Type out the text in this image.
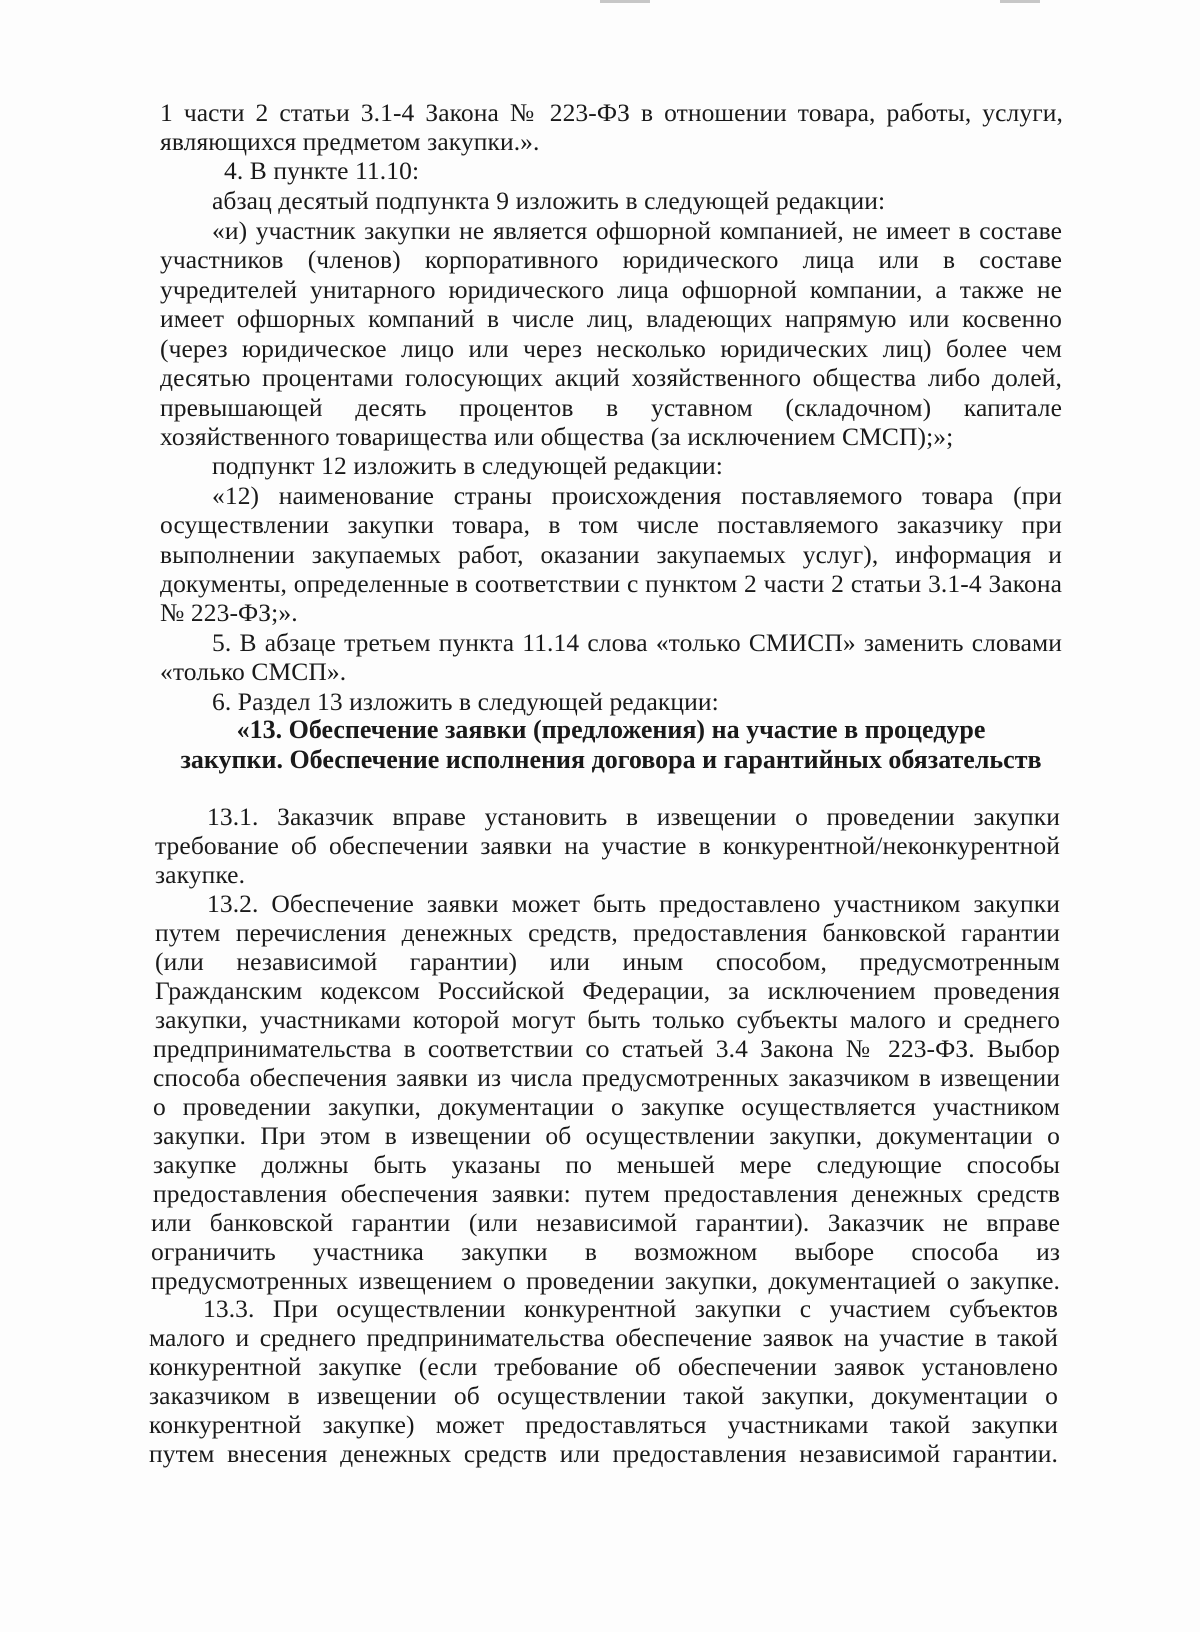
1 части 2 статьи 3.1-4 Закона № 223-ФЗ в отношении товара, работы, услуги,
являющихся предметом закупки.».
4. В пункте 11.10:
абзац десятый подпункта 9 изложить в следующей редакции:
«и) участник закупки не является офшорной компанией, не имеет в составе
участников (членов) корпоративного юридического лица или в составе
учредителей унитарного юридического лица офшорной компании, а также не
имеет офшорных компаний в числе лиц, владеющих напрямую или косвенно
(через юридическое лицо или через несколько юридических лиц) более чем
десятью процентами голосующих акций хозяйственного общества либо долей,
превышающей десять процентов в уставном (складочном) капитале
хозяйственного товарищества или общества (за исключением СМСП);»;
подпункт 12 изложить в следующей редакции:
«12) наименование страны происхождения поставляемого товара (при
осуществлении закупки товара, в том числе поставляемого заказчику при
выполнении закупаемых работ, оказании закупаемых услуг), информация и
документы, определенные в соответствии с пунктом 2 части 2 статьи 3.1-4 Закона
№ 223-ФЗ;».
5. В абзаце третьем пункта 11.14 слова «только СМИСП» заменить словами
«только СМСП».
6. Раздел 13 изложить в следующей редакции:
«13. Обеспечение заявки (предложения) на участие в процедуре
закупки. Обеспечение исполнения договора и гарантийных обязательств
13.1. Заказчик вправе установить в извещении о проведении закупки
требование об обеспечении заявки на участие в конкурентной/неконкурентной
закупке.
13.2. Обеспечение заявки может быть предоставлено участником закупки
путем перечисления денежных средств, предоставления банковской гарантии
(или независимой гарантии) или иным способом, предусмотренным
Гражданским кодексом Российской Федерации, за исключением проведения
закупки, участниками которой могут быть только субъекты малого и среднего
предпринимательства в соответствии со статьей 3.4 Закона № 223-ФЗ. Выбор
способа обеспечения заявки из числа предусмотренных заказчиком в извещении
о проведении закупки, документации о закупке осуществляется участником
закупки. При этом в извещении об осуществлении закупки, документации о
закупке должны быть указаны по меньшей мере следующие способы
предоставления обеспечения заявки: путем предоставления денежных средств
или банковской гарантии (или независимой гарантии). Заказчик не вправе
ограничить участника закупки в возможном выборе способа из
предусмотренных извещением о проведении закупки, документацией о закупке.
13.3. При осуществлении конкурентной закупки с участием субъектов
малого и среднего предпринимательства обеспечение заявок на участие в такой
конкурентной закупке (если требование об обеспечении заявок установлено
заказчиком в извещении об осуществлении такой закупки, документации о
конкурентной закупке) может предоставляться участниками такой закупки
путем внесения денежных средств или предоставления независимой гарантии.
